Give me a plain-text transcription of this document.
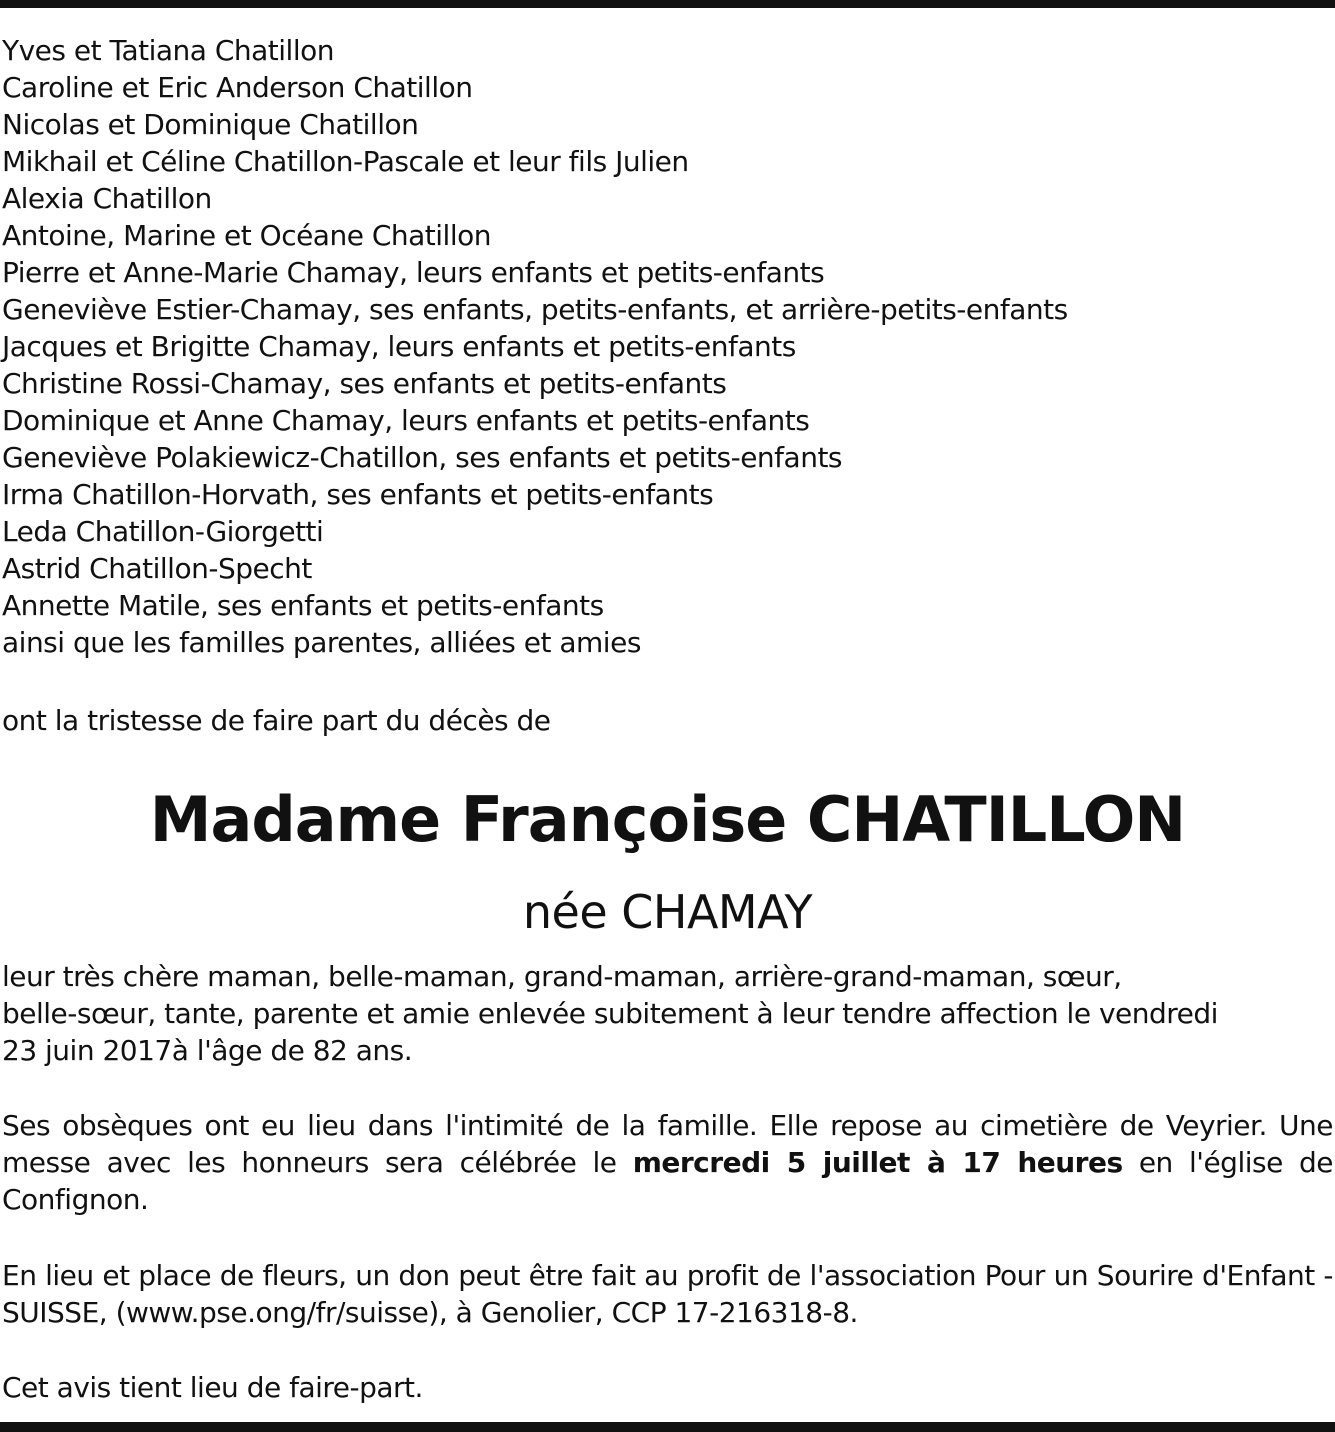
Yves et Tatiana Chatillon
Caroline et Eric Anderson Chatillon
Nicolas et Dominique Chatillon
Mikhail et Céline Chatillon-Pascale et leur fils Julien
Alexia Chatillon
Antoine, Marine et Océane Chatillon
Pierre et Anne-Marie Chamay, leurs enfants et petits-enfants
Geneviève Estier-Chamay, ses enfants, petits-enfants, et arrière-petits-enfants
Jacques et Brigitte Chamay, leurs enfants et petits-enfants
Christine Rossi-Chamay, ses enfants et petits-enfants
Dominique et Anne Chamay, leurs enfants et petits-enfants
Geneviève Polakiewicz-Chatillon, ses enfants et petits-enfants
Irma Chatillon-Horvath, ses enfants et petits-enfants
Leda Chatillon-Giorgetti
Astrid Chatillon-Specht
Annette Matile, ses enfants et petits-enfants
ainsi que les familles parentes, alliées et amies
ont la tristesse de faire part du décès de
Madame Françoise CHATILLON
née CHAMAY
leur très chère maman, belle-maman, grand-maman, arrière-grand-maman, sœur,
belle-sœur, tante, parente et amie enlevée subitement à leur tendre affection le vendredi
23 juin 2017à l'âge de 82 ans.
Ses obsèques ont eu lieu dans l'intimité de la famille. Elle repose au cimetière de Veyrier. Une messe avec les honneurs sera célébrée le mercredi 5 juillet à 17 heures en l'église de Confignon.
En lieu et place de fleurs, un don peut être fait au profit de l'association Pour un Sourire d'Enfant - SUISSE, (www.pse.ong/fr/suisse), à Genolier, CCP 17-216318-8.
Cet avis tient lieu de faire-part.
